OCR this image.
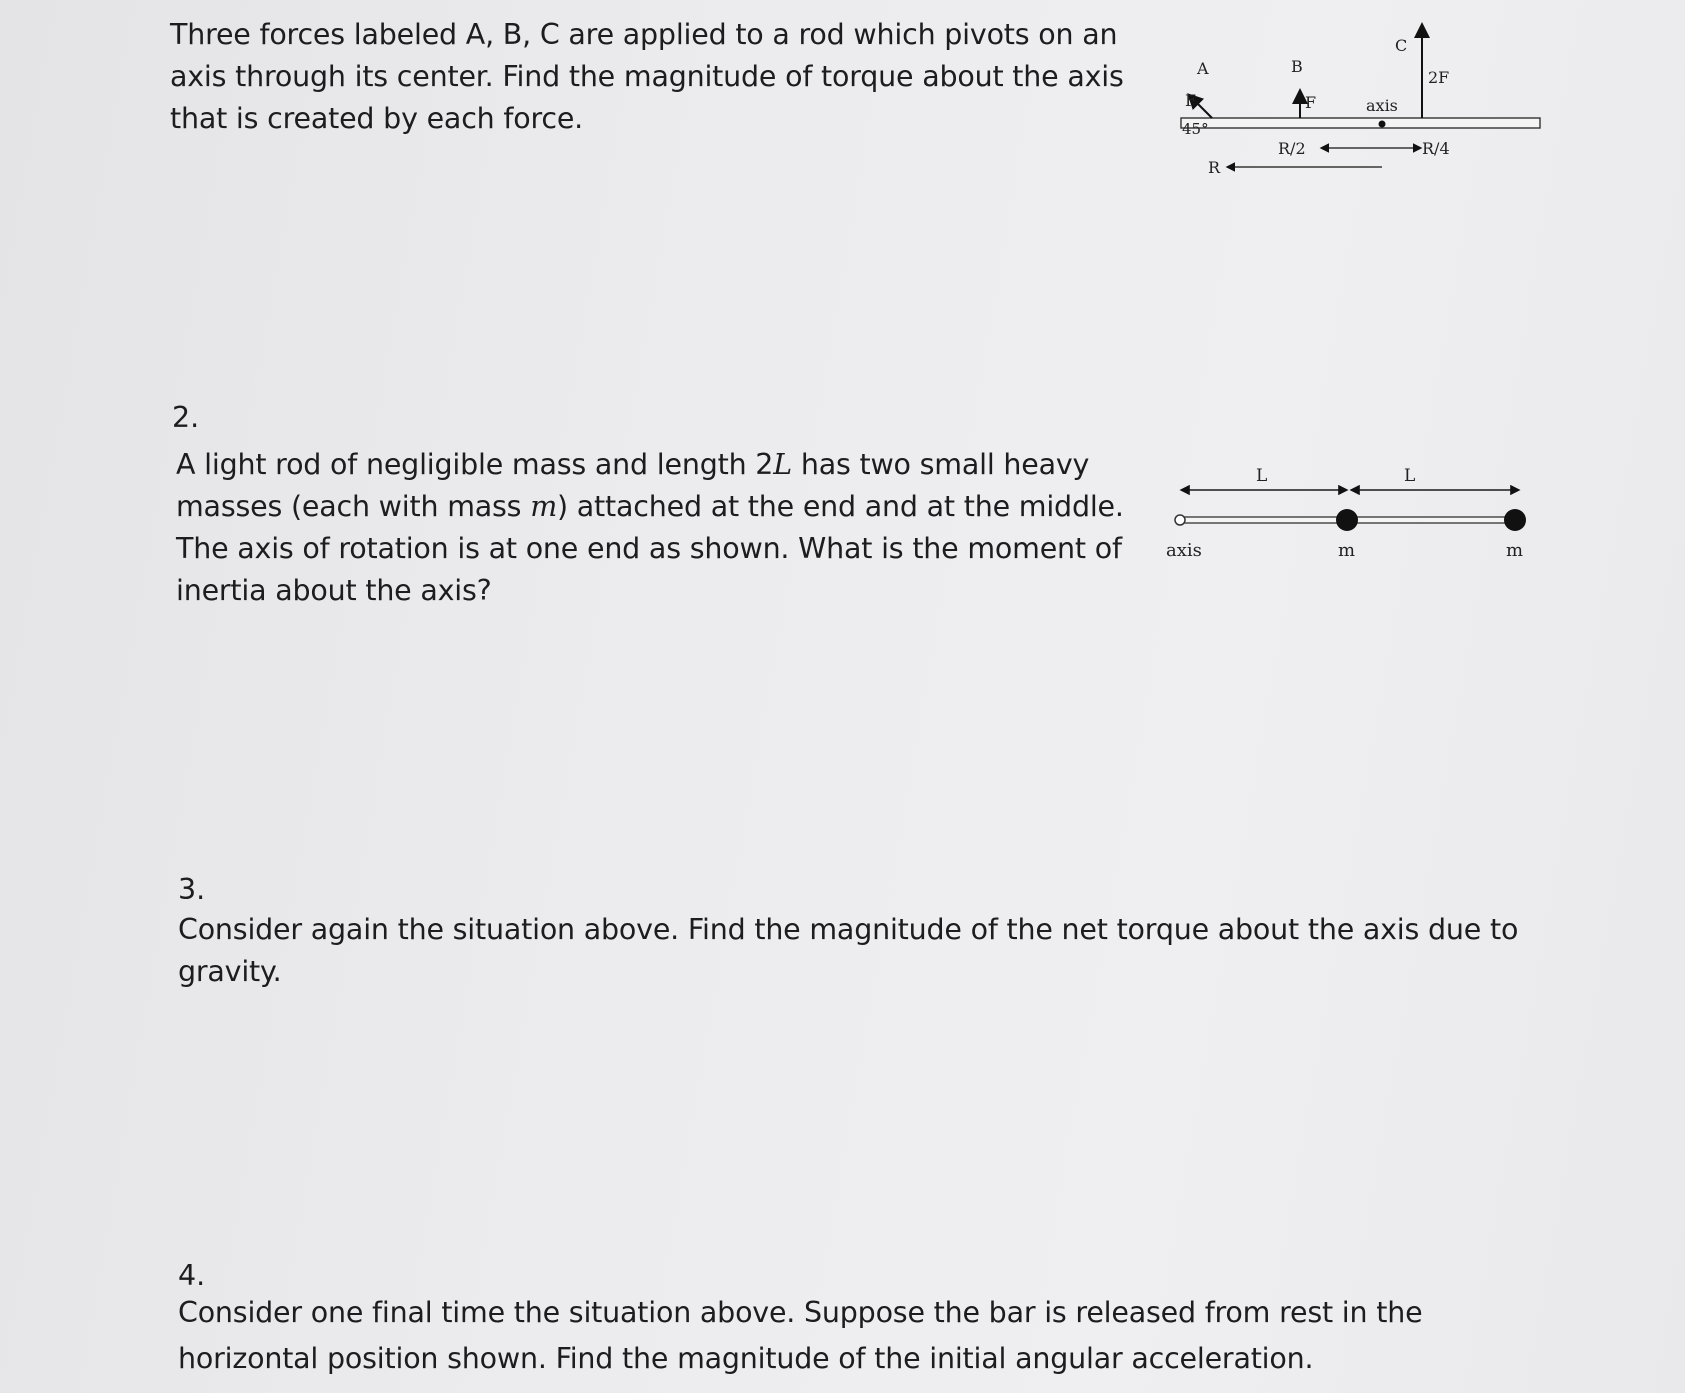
Three forces labeled A, B, C are applied to a rod which pivots on an axis through its center. Find the magnitude of torque about the axis that is created by each force.

A
F
45°
B
F
C
2F
axis
R/2	R/4
R

2.

A light rod of negligible mass and length 2L has two small heavy masses (each with mass m) attached at the end and at the middle. The axis of rotation is at one end as shown. What is the moment of inertia about the axis?

L	L
axis	m	m

3.

Consider again the situation above. Find the magnitude of the net torque about the axis due to gravity.

4.

Consider one final time the situation above. Suppose the bar is released from rest in the horizontal position shown. Find the magnitude of the initial angular acceleration.
